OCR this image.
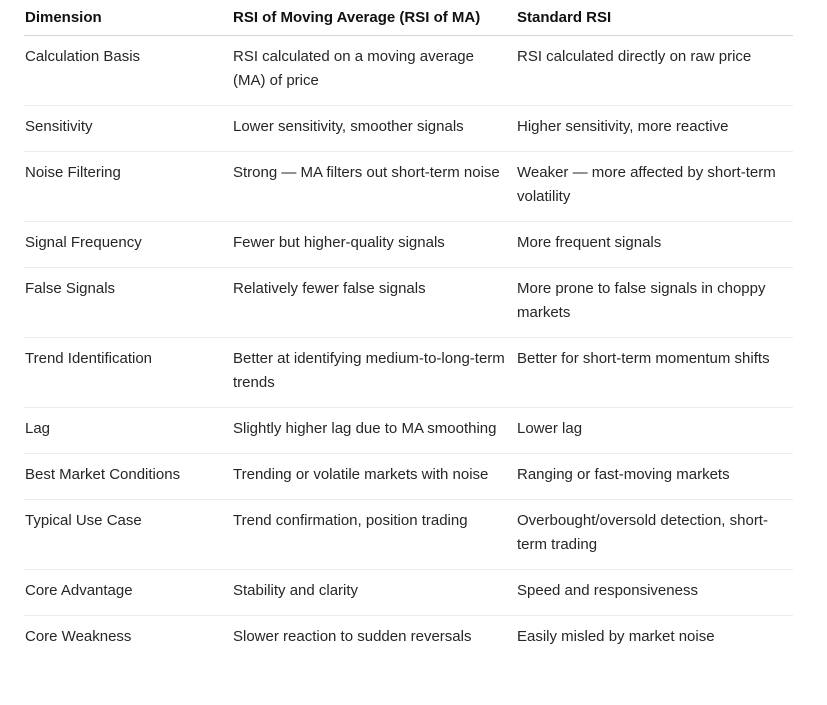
Dimension	RSI of Moving Average (RSI of MA)	Standard RSI
Calculation Basis	RSI calculated on a moving average (MA) of price	RSI calculated directly on raw price
Sensitivity	Lower sensitivity, smoother signals	Higher sensitivity, more reactive
Noise Filtering	Strong — MA filters out short-term noise	Weaker — more affected by short-term volatility
Signal Frequency	Fewer but higher-quality signals	More frequent signals
False Signals	Relatively fewer false signals	More prone to false signals in choppy markets
Trend Identification	Better at identifying medium-to-long-term trends	Better for short-term momentum shifts
Lag	Slightly higher lag due to MA smoothing	Lower lag
Best Market Conditions	Trending or volatile markets with noise	Ranging or fast-moving markets
Typical Use Case	Trend confirmation, position trading	Overbought/oversold detection, short-term trading
Core Advantage	Stability and clarity	Speed and responsiveness
Core Weakness	Slower reaction to sudden reversals	Easily misled by market noise
